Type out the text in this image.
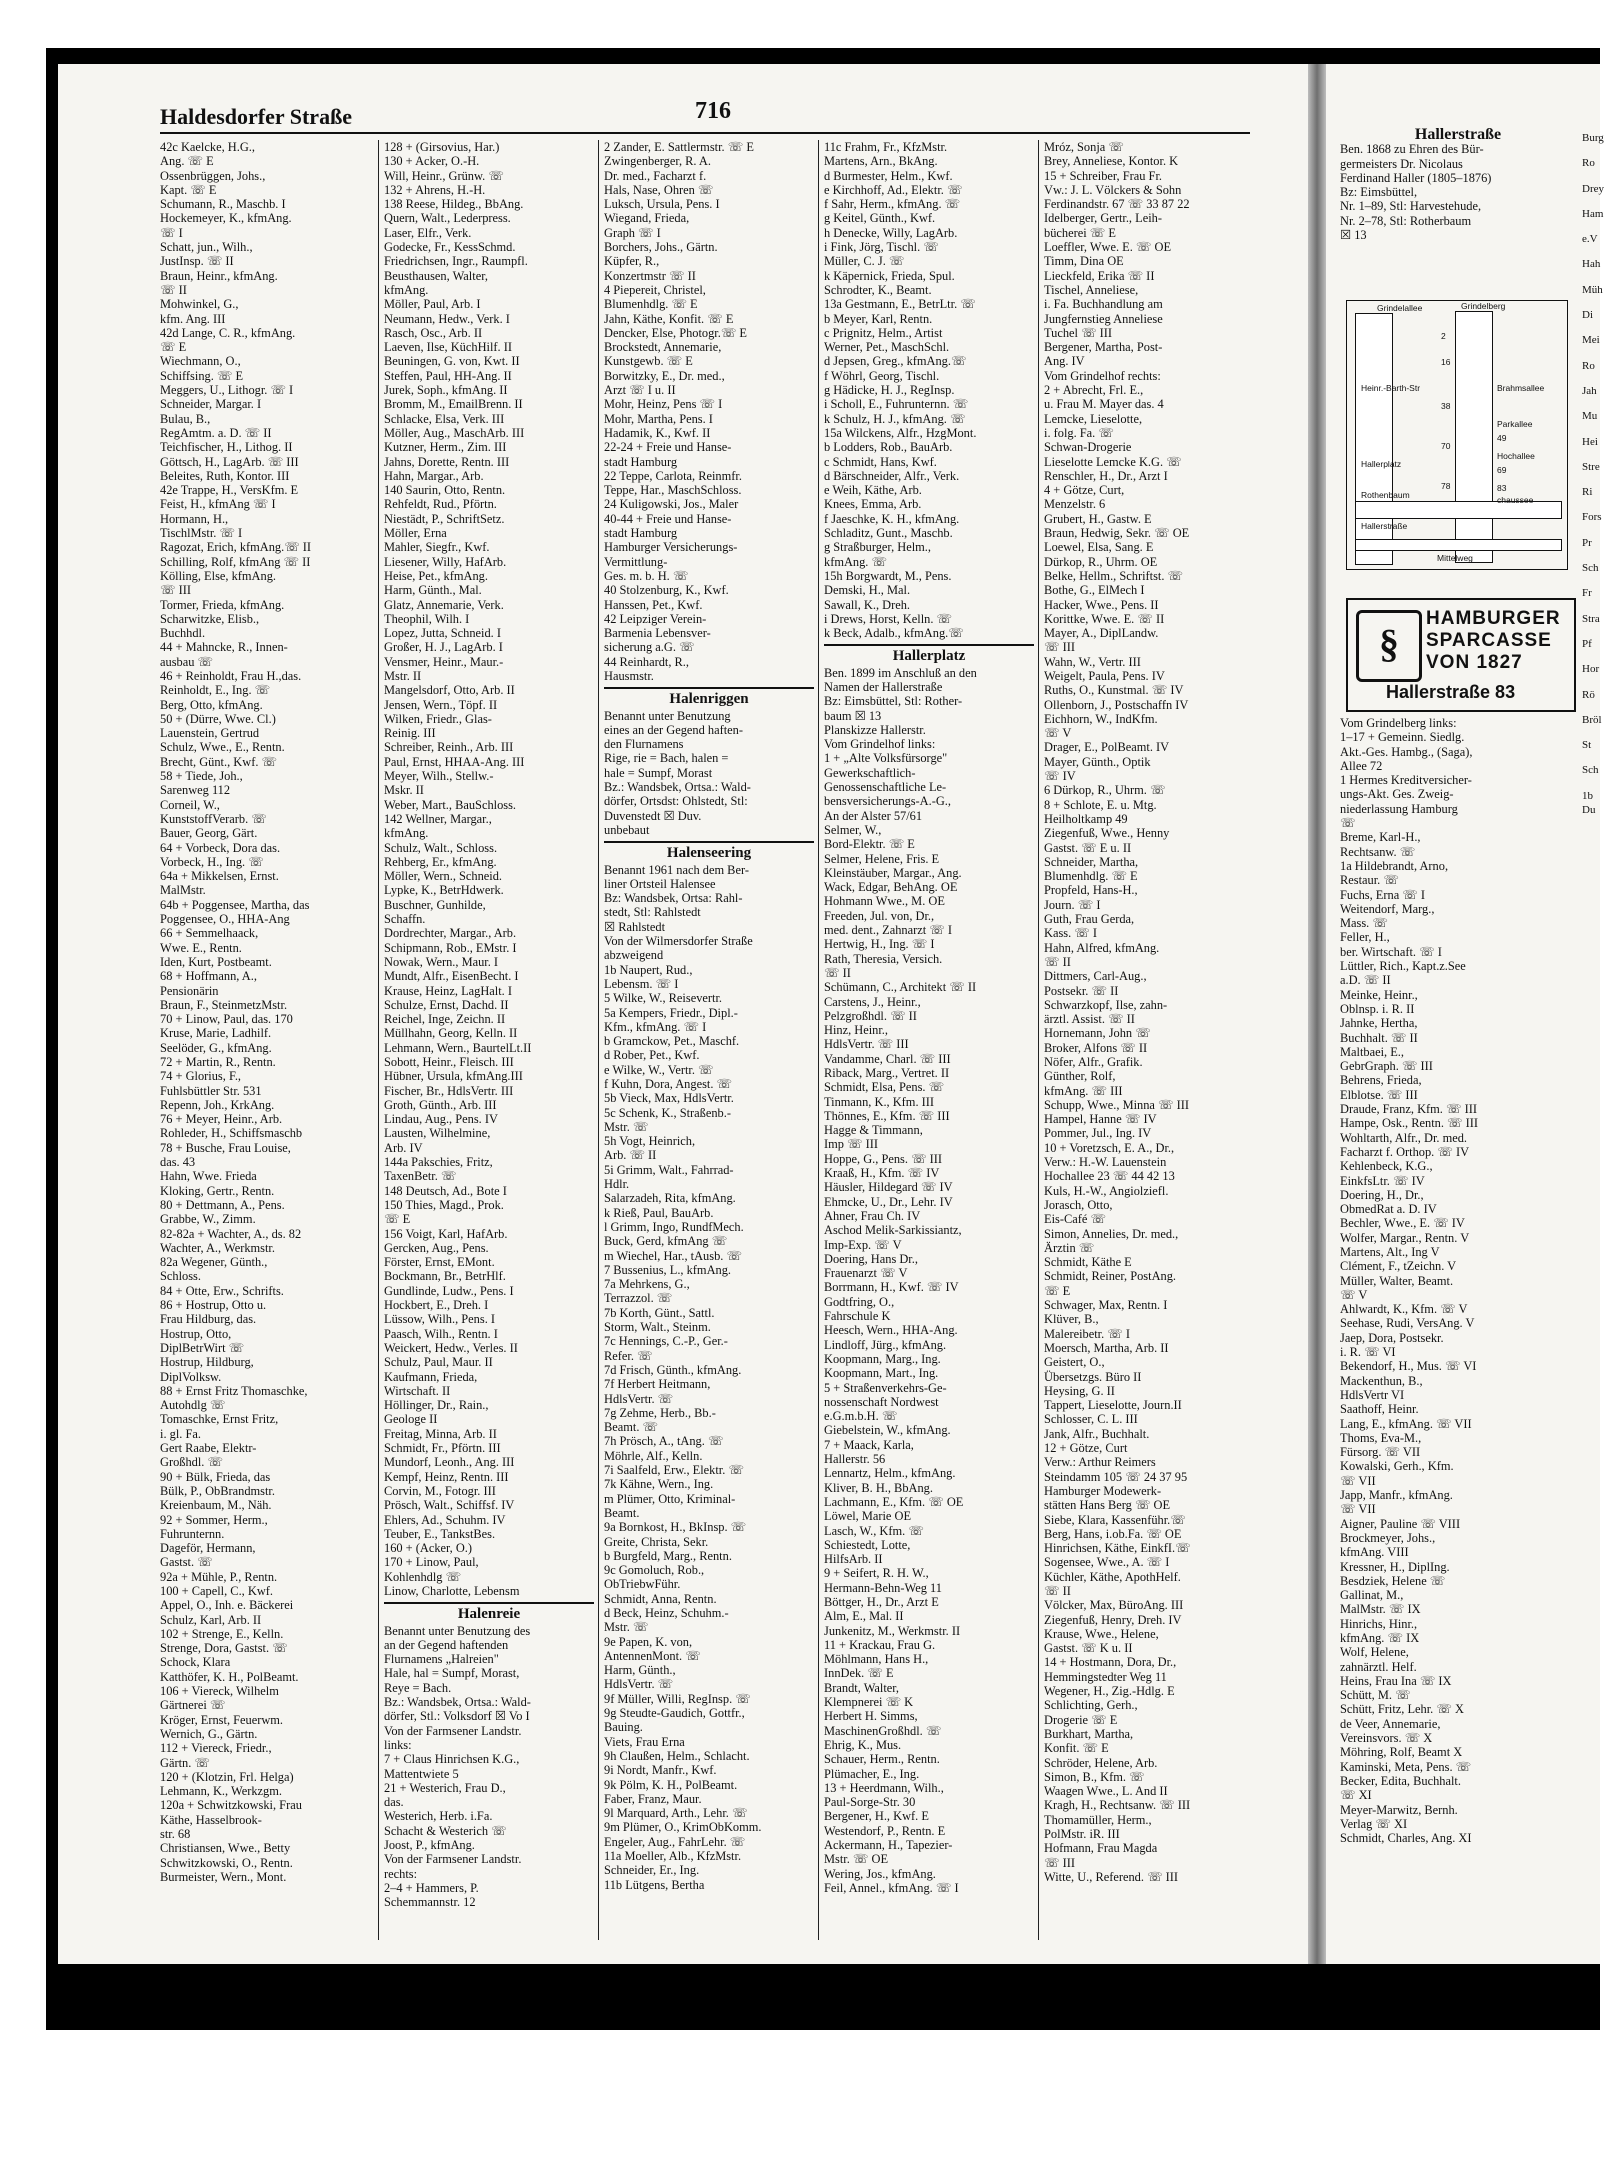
Haldesdorfer Straße	716

42c Kaelcke, H.G.,

Ang. ☏ E

Ossenbrüggen, Johs.,

Kapt. ☏ E

Schumann, R., Maschb. I

Hockemeyer, K., kfmAng.

☏ I

Schatt, jun., Wilh.,

JustInsp. ☏ II

Braun, Heinr., kfmAng.

☏ II

Mohwinkel, G.,

kfm. Ang. III

42d Lange, C. R., kfmAng.

☏ E

Wiechmann, O.,

Schiffsing. ☏ E

Meggers, U., Lithogr. ☏ I

Schneider, Margar. I

Bulau, B.,

RegAmtm. a. D. ☏ II

Teichfischer, H., Lithog. II

Göttsch, H., LagArb. ☏ III

Beleites, Ruth, Kontor. III

42e Trappe, H., VersKfm. E

Feist, H., kfmAng ☏ I

Hormann, H.,

TischlMstr. ☏ I

Ragozat, Erich, kfmAng.☏ II

Schilling, Rolf, kfmAng ☏ II

Kölling, Else, kfmAng.

☏ III

Tormer, Frieda, kfmAng.

Scharwitzke, Elisb.,

Buchhdl.

44 + Mahncke, R., Innen-

ausbau ☏

46 + Reinholdt, Frau H.,das.

Reinholdt, E., Ing. ☏

Berg, Otto, kfmAng.

50 + (Dürre, Wwe. Cl.)

Lauenstein, Gertrud

Schulz, Wwe., E., Rentn.

Brecht, Günt., Kwf. ☏

58 + Tiede, Joh.,

Sarenweg 112

Corneil, W.,

KunststoffVerarb. ☏

Bauer, Georg, Gärt.

64 + Vorbeck, Dora das.

Vorbeck, H., Ing. ☏

64a + Mikkelsen, Ernst.

MalMstr.

64b + Poggensee, Martha, das

Poggensee, O., HHA-Ang

66 + Semmelhaack,

Wwe. E., Rentn.

Iden, Kurt, Postbeamt.

68 + Hoffmann, A.,

Pensionärin

Braun, F., SteinmetzMstr.

70 + Linow, Paul, das. 170

Kruse, Marie, Ladhilf.

Seelöder, G., kfmAng.

72 + Martin, R., Rentn.

74 + Glorius, F.,

Fuhlsbüttler Str. 531

Repenn, Joh., KrkAng.

76 + Meyer, Heinr., Arb.

Rohleder, H., Schiffsmaschb

78 + Busche, Frau Louise,

das. 43

Hahn, Wwe. Frieda

Kloking, Gertr., Rentn.

80 + Dettmann, A., Pens.

Grabbe, W., Zimm.

82-82a + Wachter, A., ds. 82

Wachter, A., Werkmstr.

82a Wegener, Günth.,

Schloss.

84 + Otte, Erw., Schrifts.

86 + Hostrup, Otto u.

Frau Hildburg, das.

Hostrup, Otto,

DiplBetrWirt ☏

Hostrup, Hildburg,

DiplVolksw.

88 + Ernst Fritz Thomaschke,

Autohdlg ☏

Tomaschke, Ernst Fritz,

i. gl. Fa.

Gert Raabe, Elektr-

Großhdl. ☏

90 + Bülk, Frieda, das

Bülk, P., ObBrandmstr.

Kreienbaum, M., Näh.

92 + Sommer, Herm.,

Fuhrunternn.

Dageför, Hermann,

Gastst. ☏

92a + Mühle, P., Rentn.

100 + Capell, C., Kwf.

Appel, O., Inh. e. Bäckerei

Schulz, Karl, Arb. II

102 + Strenge, E., Kelln.

Strenge, Dora, Gastst. ☏

Schock, Klara

Katthöfer, K. H., PolBeamt.

106 + Viereck, Wilhelm

Gärtnerei ☏

Kröger, Ernst, Feuerwm.

Wernich, G., Gärtn.

112 + Viereck, Friedr.,

Gärtn. ☏

120 + (Klotzin, Frl. Helga)

Lehmann, K., Werkzgm.

120a + Schwitzkowski, Frau

Käthe, Hasselbrook-

str. 68

Christiansen, Wwe., Betty

Schwitzkowski, O., Rentn.

Burmeister, Wern., Mont.

128 + (Girsovius, Har.)

130 + Acker, O.-H.

Will, Heinr., Grünw. ☏

132 + Ahrens, H.-H.

138 Reese, Hildeg., BbAng.

Quern, Walt., Lederpress.

Laser, Elfr., Verk.

Godecke, Fr., KessSchmd.

Friedrichsen, Ingr., Raumpfl.

Beusthausen, Walter,

kfmAng.

Möller, Paul, Arb. I

Neumann, Hedw., Verk. I

Rasch, Osc., Arb. II

Laeven, Ilse, KüchHilf. II

Beuningen, G. von, Kwt. II

Steffen, Paul, HH-Ang. II

Jurek, Soph., kfmAng. II

Bromm, M., EmailBrenn. II

Schlacke, Elsa, Verk. III

Möller, Aug., MaschArb. III

Kutzner, Herm., Zim. III

Jahns, Dorette, Rentn. III

Hahn, Margar., Arb.

140 Saurin, Otto, Rentn.

Rehfeldt, Rud., Pförtn.

Niestädt, P., SchriftSetz.

Möller, Erna

Mahler, Siegfr., Kwf.

Liesener, Willy, HafArb.

Heise, Pet., kfmAng.

Harm, Günth., Mal.

Glatz, Annemarie, Verk.

Theophil, Wilh. I

Lopez, Jutta, Schneid. I

Großer, H. J., LagArb. I

Vensmer, Heinr., Maur.-

Mstr. II

Mangelsdorf, Otto, Arb. II

Jensen, Wern., Töpf. II

Wilken, Friedr., Glas-

Reinig. III

Schreiber, Reinh., Arb. III

Paul, Ernst, HHAA-Ang. III

Meyer, Wilh., Stellw.-

Mskr. II

Weber, Mart., BauSchloss.

142 Wellner, Margar.,

kfmAng.

Schulz, Walt., Schloss.

Rehberg, Er., kfmAng.

Möller, Wern., Schneid.

Lypke, K., BetrHdwerk.

Buschner, Gunhilde,

Schaffn.

Dordrechter, Margar., Arb.

Schipmann, Rob., EMstr. I

Nowak, Wern., Maur. I

Mundt, Alfr., EisenBecht. I

Krause, Heinz, LagHalt. I

Schulze, Ernst, Dachd. II

Reichel, Inge, Zeichn. II

Müllhahn, Georg, Kelln. II

Lehmann, Wern., BaurtelLt.II

Sobott, Heinr., Fleisch. III

Hübner, Ursula, kfmAng.III

Fischer, Br., HdlsVertr. III

Groth, Günth., Arb. III

Lindau, Aug., Pens. IV

Lausten, Wilhelmine,

Arb. IV

144a Pakschies, Fritz,

TaxenBetr. ☏

148 Deutsch, Ad., Bote I

150 Thies, Magd., Prok.

☏ E

156 Voigt, Karl, HafArb.

Gercken, Aug., Pens.

Förster, Ernst, EMont.

Bockmann, Br., BetrHlf.

Gundlinde, Ludw., Pens. I

Hockbert, E., Dreh. I

Lüssow, Wilh., Pens. I

Paasch, Wilh., Rentn. I

Weickert, Hedw., Verles. II

Schulz, Paul, Maur. II

Kaufmann, Frieda,

Wirtschaft. II

Höllinger, Dr., Rain.,

Geologe II

Freitag, Minna, Arb. II

Schmidt, Fr., Pförtn. III

Mundorf, Leonh., Ang. III

Kempf, Heinz, Rentn. III

Corvin, M., Fotogr. III

Prösch, Walt., Schiffsf. IV

Ehlers, Ad., Schuhm. IV

Teuber, E., TankstBes.

160 + (Acker, O.)

170 + Linow, Paul,

Kohlenhdlg ☏

Linow, Charlotte, Lebensm

Halenreie

Benannt unter Benutzung des

an der Gegend haftenden

Flurnamens „Halreien"

Hale, hal = Sumpf, Morast,

Reye = Bach.

Bz.: Wandsbek, Ortsa.: Wald-

dörfer, Stl.: Volksdorf ☒ Vo I

Von der Farmsener Landstr.

links:

7 + Claus Hinrichsen K.G.,

Mattentwiete 5

21 + Westerich, Frau D.,

das.

Westerich, Herb. i.Fa.

Schacht & Westerich ☏

Joost, P., kfmAng.

Von der Farmsener Landstr.

rechts:

2–4 + Hammers, P.

Schemmannstr. 12

2 Zander, E. Sattlermstr. ☏ E

Zwingenberger, R. A.

Dr. med., Facharzt f.

Hals, Nase, Ohren ☏

Luksch, Ursula, Pens. I

Wiegand, Frieda,

Graph ☏ I

Borchers, Johs., Gärtn.

Küpfer, R.,

Konzertmstr ☏ II

4 Piepereit, Christel,

Blumenhdlg. ☏ E

Jahn, Käthe, Konfit. ☏ E

Dencker, Else, Photogr.☏ E

Brockstedt, Annemarie,

Kunstgewb. ☏ E

Borwitzky, E., Dr. med.,

Arzt ☏ I u. II

Mohr, Heinz, Pens ☏ I

Mohr, Martha, Pens. I

Hadamik, K., Kwf. II

22-24 + Freie und Hanse-

stadt Hamburg

22 Teppe, Carlota, Reinmfr.

Teppe, Har., MaschSchloss.

24 Kuligowski, Jos., Maler

40-44 + Freie und Hanse-

stadt Hamburg

Hamburger Versicherungs-

Vermittlung-

Ges. m. b. H. ☏

40 Stolzenburg, K., Kwf.

Hanssen, Pet., Kwf.

42 Leipziger Verein-

Barmenia Lebensver-

sicherung a.G. ☏

44 Reinhardt, R.,

Hausmstr.

Halenriggen

Benannt unter Benutzung

eines an der Gegend haften-

den Flurnamens

Rige, rie = Bach, halen =

hale = Sumpf, Morast

Bz.: Wandsbek, Ortsa.: Wald-

dörfer, Ortsdst: Ohlstedt, Stl:

Duvenstedt ☒ Duv.

unbebaut

Halenseering

Benannt 1961 nach dem Ber-

liner Ortsteil Halensee

Bz: Wandsbek, Ortsa: Rahl-

stedt, Stl: Rahlstedt

☒ Rahlstedt

Von der Wilmersdorfer Straße

abzweigend

1b Naupert, Rud.,

Lebensm. ☏ I

5 Wilke, W., Reisevertr.

5a Kempers, Friedr., Dipl.-

Kfm., kfmAng. ☏ I

b Gramckow, Pet., Maschf.

d Rober, Pet., Kwf.

e Wilke, W., Vertr. ☏

f Kuhn, Dora, Angest. ☏

5b Vieck, Max, HdlsVertr.

5c Schenk, K., Straßenb.-

Mstr. ☏

5h Vogt, Heinrich,

Arb. ☏ II

5i Grimm, Walt., Fahrrad-

Hdlr.

Salarzadeh, Rita, kfmAng.

k Rieß, Paul, BauArb.

l Grimm, Ingo, RundfMech.

Buck, Gerd, kfmAng ☏

m Wiechel, Har., tAusb. ☏

7 Bussenius, L., kfmAng.

7a Mehrkens, G.,

Terrazzol. ☏

7b Korth, Günt., Sattl.

Storm, Walt., Steinm.

7c Hennings, C.-P., Ger.-

Refer. ☏

7d Frisch, Günth., kfmAng.

7f Herbert Heitmann,

HdlsVertr. ☏

7g Zehme, Herb., Bb.-

Beamt. ☏

7h Prösch, A., tAng. ☏

Möhrle, Alf., Kelln.

7i Saalfeld, Erw., Elektr. ☏

7k Kähne, Wern., Ing.

m Plümer, Otto, Kriminal-

Beamt.

9a Bornkost, H., BkInsp. ☏

Greite, Christa, Sekr.

b Burgfeld, Marg., Rentn.

9c Gomoluch, Rob.,

ObTriebwFühr.

Schmidt, Anna, Rentn.

d Beck, Heinz, Schuhm.-

Mstr. ☏

9e Papen, K. von,

AntennenMont. ☏

Harm, Günth.,

HdlsVertr. ☏

9f Müller, Willi, RegInsp. ☏

9g Steudte-Gaudich, Gottfr.,

Bauing.

Viets, Frau Erna

9h Claußen, Helm., Schlacht.

9i Nordt, Manfr., Kwf.

9k Pölm, K. H., PolBeamt.

Faber, Franz, Maur.

9l Marquard, Arth., Lehr. ☏

9m Plümer, O., KrimObKomm.

Engeler, Aug., FahrLehr. ☏

11a Moeller, Alb., KfzMstr.

Schneider, Er., Ing.

11b Lütgens, Bertha

11c Frahm, Fr., KfzMstr.

Martens, Arn., BkAng.

d Burmester, Helm., Kwf.

e Kirchhoff, Ad., Elektr. ☏

f Sahr, Herm., kfmAng. ☏

g Keitel, Günth., Kwf.

h Denecke, Willy, LagArb.

i Fink, Jörg, Tischl. ☏

Müller, C. J. ☏

k Käpernick, Frieda, Spul.

Schrodter, K., Beamt.

13a Gestmann, E., BetrLtr. ☏

b Meyer, Karl, Rentn.

c Prignitz, Helm., Artist

Werner, Pet., MaschSchl.

d Jepsen, Greg., kfmAng.☏

f Wöhrl, Georg, Tischl.

g Hädicke, H. J., RegInsp.

i Scholl, E., Fuhrunternn. ☏

k Schulz, H. J., kfmAng. ☏

15a Wilckens, Alfr., HzgMont.

b Lodders, Rob., BauArb.

c Schmidt, Hans, Kwf.

d Bärschneider, Alfr., Verk.

e Weih, Käthe, Arb.

Knees, Emma, Arb.

f Jaeschke, K. H., kfmAng.

Schladitz, Gunt., Maschb.

g Straßburger, Helm.,

kfmAng. ☏

15h Borgwardt, M., Pens.

Demski, H., Mal.

Sawall, K., Dreh.

i Drews, Horst, Kelln. ☏

k Beck, Adalb., kfmAng.☏

Hallerplatz

Ben. 1899 im Anschluß an den

Namen der Hallerstraße

Bz: Eimsbüttel, Stl: Rother-

baum ☒ 13

Planskizze Hallerstr.

Vom Grindelhof links:

1 + „Alte Volksfürsorge"

Gewerkschaftlich-

Genossenschaftliche Le-

bensversicherungs-A.-G.,

An der Alster 57/61

Selmer, W.,

Bord-Elektr. ☏ E

Selmer, Helene, Fris. E

Kleinstäuber, Margar., Ang.

Wack, Edgar, BehAng. OE

Hohmann Wwe., M. OE

Freeden, Jul. von, Dr.,

med. dent., Zahnarzt ☏ I

Hertwig, H., Ing. ☏ I

Rath, Theresia, Versich.

☏ II

Schümann, C., Architekt ☏ II

Carstens, J., Heinr.,

Pelzgroßhdl. ☏ II

Hinz, Heinr.,

HdlsVertr. ☏ III

Vandamme, Charl. ☏ III

Riback, Marg., Vertret. II

Schmidt, Elsa, Pens. ☏

Tinmann, K., Kfm. III

Thönnes, E., Kfm. ☏ III

Hagge & Timmann,

Imp ☏ III

Hoppe, G., Pens. ☏ III

Kraaß, H., Kfm. ☏ IV

Häusler, Hildegard ☏ IV

Ehmcke, U., Dr., Lehr. IV

Ahner, Frau Ch. IV

Aschod Melik-Sarkissiantz,

Imp-Exp. ☏ V

Doering, Hans Dr.,

Frauenarzt ☏ V

Borrmann, H., Kwf. ☏ IV

Godtfring, O.,

Fahrschule K

Heesch, Wern., HHA-Ang.

Lindloff, Jürg., kfmAng.

Koopmann, Marg., Ing.

Koopmann, Mart., Ing.

5 + Straßenverkehrs-Ge-

nossenschaft Nordwest

e.G.m.b.H. ☏

Giebelstein, W., kfmAng.

7 + Maack, Karla,

Hallerstr. 56

Lennartz, Helm., kfmAng.

Kliver, B. H., BbAng.

Lachmann, E., Kfm. ☏ OE

Löwel, Marie OE

Lasch, W., Kfm. ☏

Schiestedt, Lotte,

HilfsArb. II

9 + Seifert, R. H. W.,

Hermann-Behn-Weg 11

Böttger, H., Dr., Arzt E

Alm, E., Mal. II

Junkenitz, M., Werkmstr. II

11 + Krackau, Frau G.

Möhlmann, Hans H.,

InnDek. ☏ E

Brandt, Walter,

Klempnerei ☏ K

Herbert H. Simms,

MaschinenGroßhdl. ☏

Ehrig, K., Mus.

Schauer, Herm., Rentn.

Plümacher, E., Ing.

13 + Heerdmann, Wilh.,

Paul-Sorge-Str. 30

Bergener, H., Kwf. E

Westendorf, P., Rentn. E

Ackermann, H., Tapezier-

Mstr. ☏ OE

Wering, Jos., kfmAng.

Feil, Annel., kfmAng. ☏ I

Mróz, Sonja ☏

Brey, Anneliese, Kontor. K

15 + Schreiber, Frau Fr.

Vw.: J. L. Völckers & Sohn

Ferdinandstr. 67 ☏ 33 87 22

Idelberger, Gertr., Leih-

bücherei ☏ E

Loeffler, Wwe. E. ☏ OE

Timm, Dina OE

Lieckfeld, Erika ☏ II

Tischel, Anneliese,

i. Fa. Buchhandlung am

Jungfernstieg Anneliese

Tuchel ☏ III

Bergener, Martha, Post-

Ang. IV

Vom Grindelhof rechts:

2 + Abrecht, Frl. E.,

u. Frau M. Mayer das. 4

Lemcke, Lieselotte,

i. folg. Fa. ☏

Schwan-Drogerie

Lieselotte Lemcke K.G. ☏

Renschler, H., Dr., Arzt I

4 + Götze, Curt,

Menzelstr. 6

Grubert, H., Gastw. E

Braun, Hedwig, Sekr. ☏ OE

Loewel, Elsa, Sang. E

Dürkop, R., Uhrm. OE

Belke, Hellm., Schriftst. ☏

Bothe, G., ElMech I

Hacker, Wwe., Pens. II

Korittke, Wwe. E. ☏ II

Mayer, A., DiplLandw.

☏ III

Wahn, W., Vertr. III

Weigelt, Paula, Pens. IV

Ruths, O., Kunstmal. ☏ IV

Ollenborn, J., Postschaffn IV

Eichhorn, W., IndKfm.

☏ V

Drager, E., PolBeamt. IV

Mayer, Günth., Optik

☏ IV

6 Dürkop, R., Uhrm. ☏

8 + Schlote, E. u. Mtg.

Heilholtkamp 49

Ziegenfuß, Wwe., Henny

Gastst. ☏ E u. II

Schneider, Martha,

Blumenhdlg. ☏ E

Propfeld, Hans-H.,

Journ. ☏ I

Guth, Frau Gerda,

Kass. ☏ I

Hahn, Alfred, kfmAng.

☏ II

Dittmers, Carl-Aug.,

Postsekr. ☏ II

Schwarzkopf, Ilse, zahn-

ärztl. Assist. ☏ II

Hornemann, John ☏

Broker, Alfons ☏ II

Nöfer, Alfr., Grafik.

Günther, Rolf,

kfmAng. ☏ III

Schupp, Wwe., Minna ☏ III

Hampel, Hanne ☏ IV

Pommer, Jul., Ing. IV

10 + Voretzsch, E. A., Dr.,

Verw.: H.-W. Lauenstein

Hochallee 23 ☏ 44 42 13

Kuls, H.-W., Angiolziefl.

Jorasch, Otto,

Eis-Café ☏

Simon, Annelies, Dr. med.,

Ärztin ☏

Schmidt, Käthe E

Schmidt, Reiner, PostAng.

☏ E

Schwager, Max, Rentn. I

Klüver, B.,

Malereibetr. ☏ I

Moersch, Martha, Arb. II

Geistert, O.,

Übersetzgs. Büro II

Heysing, G. II

Tappert, Lieselotte, Journ.II

Schlosser, C. L. III

Jank, Alfr., Buchhalt.

12 + Götze, Curt

Verw.: Arthur Reimers

Steindamm 105 ☏ 24 37 95

Hamburger Modewerk-

stätten Hans Berg ☏ OE

Siebe, Klara, Kassenführ.☏

Berg, Hans, i.ob.Fa. ☏ OE

Hinrichsen, Käthe, EinkfI.☏

Sogensee, Wwe., A. ☏ I

Küchler, Käthe, ApothHelf.

☏ II

Völcker, Max, BüroAng. III

Ziegenfuß, Henry, Dreh. IV

Krause, Wwe., Helene,

Gastst. ☏ K u. II

14 + Hostmann, Dora, Dr.,

Hemmingstedter Weg 11

Wegener, H., Zig.-Hdlg. E

Schlichting, Gerh.,

Drogerie ☏ E

Burkhart, Martha,

Konfit. ☏ E

Schröder, Helene, Arb.

Simon, B., Kfm. ☏

Waagen Wwe., L. And II

Kragh, H., Rechtsanw. ☏ III

Thomamüller, Herm.,

PolMstr. iR. III

Hofmann, Frau Magda

☏ III

Witte, U., Referend. ☏ III

Hallerstraße

Ben. 1868 zu Ehren des Bür-

germeisters Dr. Nicolaus

Ferdinand Haller (1805–1876)

Bz: Eimsbüttel,

Nr. 1–89, Stl: Harvestehude,

Nr. 2–78, Stl: Rotherbaum

☒ 13

Grindelallee	Grindelberg
2
16
Heinr.-Barth-Str
38
Brahmsallee
Parkallee
49
70
Hochallee
69
Hallerplatz
78	83
Rothenbaum	chaussee
Hallerstraße
Mittelweg
§
HAMBURGER
SPARCASSE
VON 1827
Hallerstraße 83

Vom Grindelberg links:

1–17 + Gemeinn. Siedlg.

Akt.-Ges. Hambg., (Saga),

Allee 72

1 Hermes Kreditversicher-

ungs-Akt. Ges. Zweig-

niederlassung Hamburg

☏

Breme, Karl-H.,

Rechtsanw. ☏

1a Hildebrandt, Arno,

Restaur. ☏

Fuchs, Erna ☏ I

Weitendorf, Marg.,

Mass. ☏

Feller, H.,

ber. Wirtschaft. ☏ I

Lüttler, Rich., Kapt.z.See

a.D. ☏ II

Meinke, Heinr.,

Oblnsp. i. R. II

Jahnke, Hertha,

Buchhalt. ☏ II

Maltbaei, E.,

GebrGraph. ☏ III

Behrens, Frieda,

Elblotse. ☏ III

Draude, Franz, Kfm. ☏ III

Hampe, Osk., Rentn. ☏ III

Wohltarth, Alfr., Dr. med.

Facharzt f. Orthop. ☏ IV

Kehlenbeck, K.G.,

EinkfsLtr. ☏ IV

Doering, H., Dr.,

ObmedRat a. D. IV

Bechler, Wwe., E. ☏ IV

Wolfer, Margar., Rentn. V

Martens, Alt., Ing V

Clément, F., tZeichn. V

Müller, Walter, Beamt.

☏ V

Ahlwardt, K., Kfm. ☏ V

Seehase, Rudi, VersAng. V

Jaep, Dora, Postsekr.

i. R. ☏ VI

Bekendorf, H., Mus. ☏ VI

Mackenthun, B.,

HdlsVertr VI

Saathoff, Heinr.

Lang, E., kfmAng. ☏ VII

Thoms, Eva-M.,

Fürsorg. ☏ VII

Kowalski, Gerh., Kfm.

☏ VII

Japp, Manfr., kfmAng.

☏ VII

Aigner, Pauline ☏ VIII

Brockmeyer, Johs.,

kfmAng. VIII

Kressner, H., DiplIng.

Besdziek, Helene ☏

Gallinat, M.,

MalMstr. ☏ IX

Hinrichs, Hinr.,

kfmAng. ☏ IX

Wolf, Helene,

zahnärztl. Helf.

Heins, Frau Ina ☏ IX

Schütt, M. ☏

Schütt, Fritz, Lehr. ☏ X

de Veer, Annemarie,

Vereinsvors. ☏ X

Möhring, Rolf, Beamt X

Kaminski, Meta, Pens. ☏

Becker, Edita, Buchhalt.

☏ XI

Meyer-Marwitz, Bernh.

Verlag ☏ XI

Schmidt, Charles, Ang. XI

Burg

Ro

Drey

Ham

e.V

Hah

Müh

Di

Mei

Ro

Jah

Mu

Hei

Stre

Ri

Fors

Pr

Sch

Fr

Stra

Pf

Hor

Rö

Bröl

St

Sch

1b Du
